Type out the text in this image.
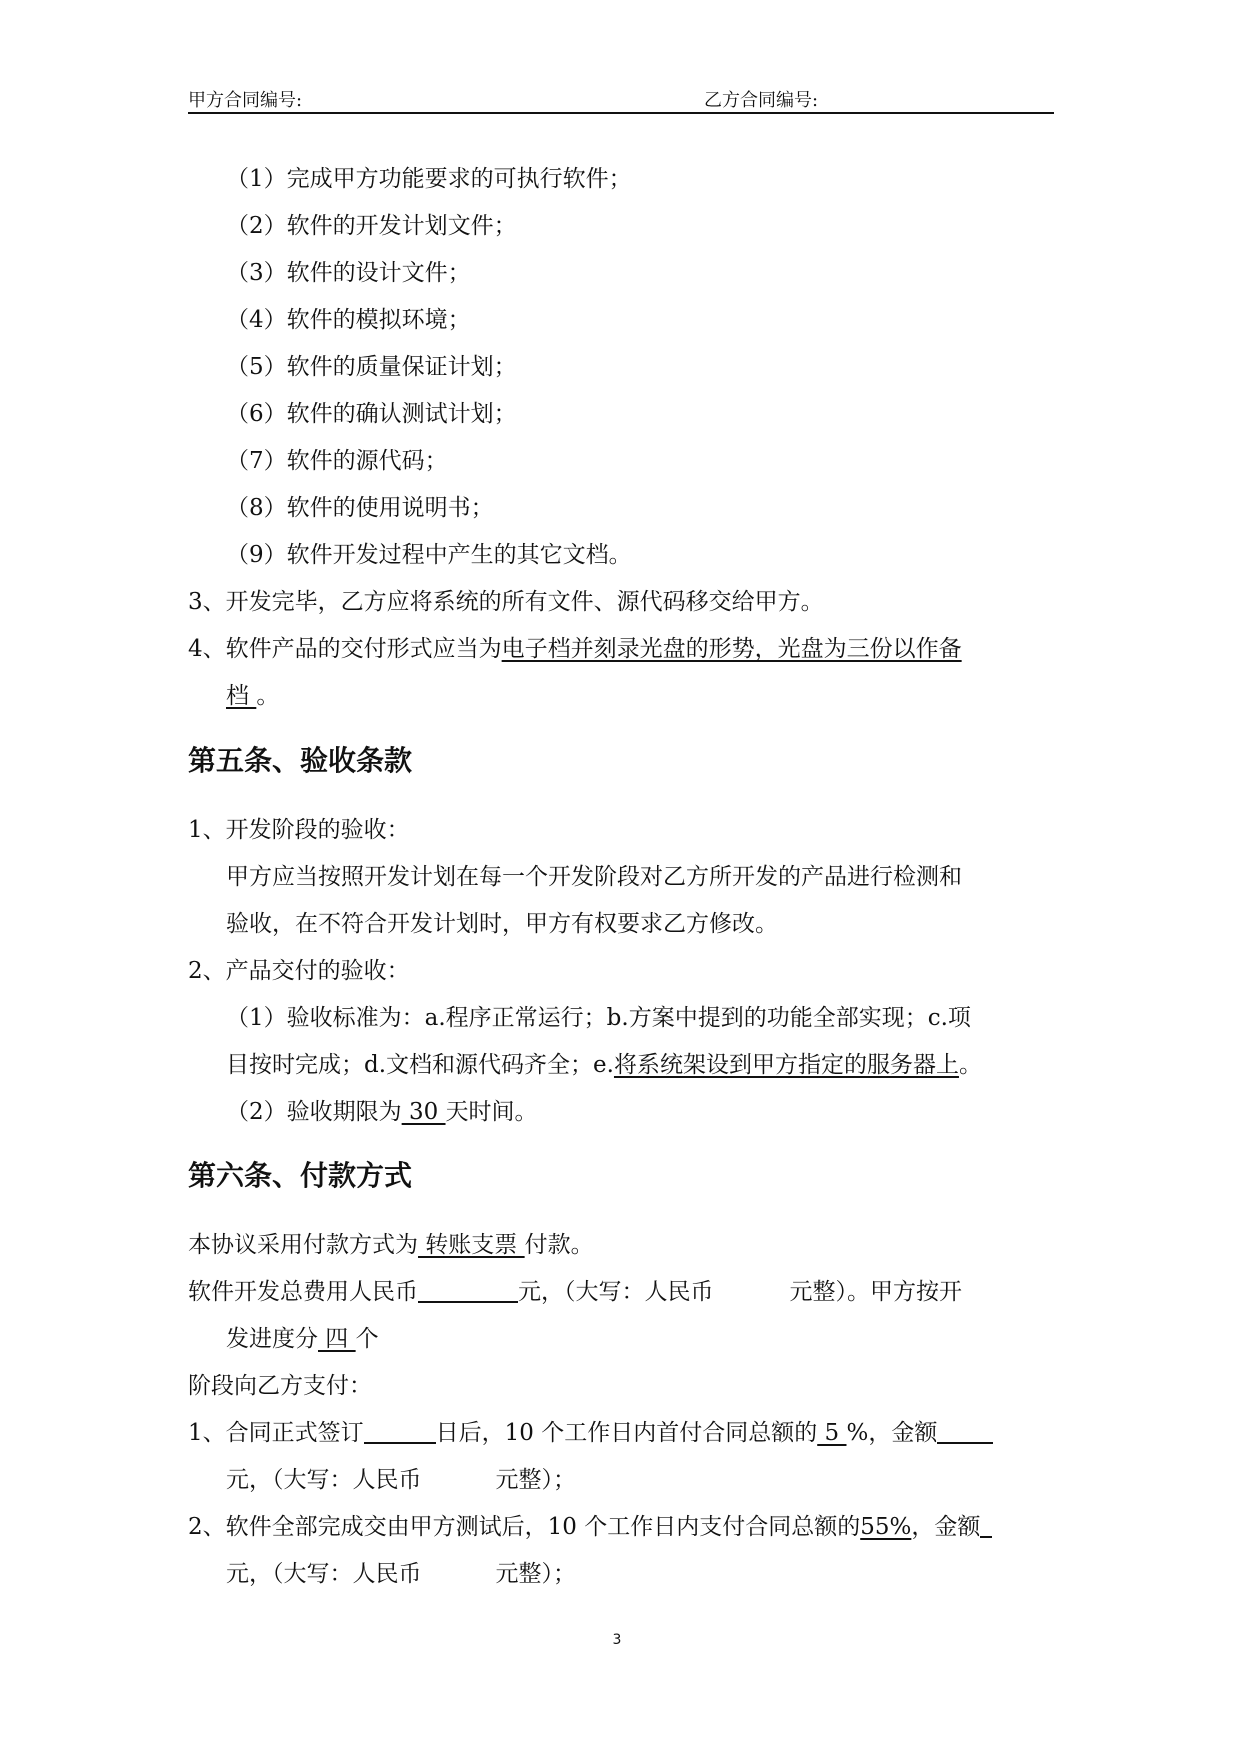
甲方合同编号:	乙方合同编号:
（1）完成甲方功能要求的可执行软件；
（2）软件的开发计划文件；
（3）软件的设计文件；
（4）软件的模拟环境；
（5）软件的质量保证计划；
（6）软件的确认测试计划；
（7）软件的源代码；
（8）软件的使用说明书；
（9）软件开发过程中产生的其它文档。
3、开发完毕，乙方应将系统的所有文件、源代码移交给甲方。
4、软件产品的交付形式应当为电子档并刻录光盘的形势，光盘为三份以作备
档 。
第五条、验收条款
1、开发阶段的验收：
甲方应当按照开发计划在每一个开发阶段对乙方所开发的产品进行检测和
验收，在不符合开发计划时，甲方有权要求乙方修改。
2、产品交付的验收：
（1）验收标准为：a.程序正常运行；b.方案中提到的功能全部实现；c.项
目按时完成；d.文档和源代码齐全；e.将系统架设到甲方指定的服务器上。
（2）验收期限为 30 天时间。
第六条、付款方式
本协议采用付款方式为 转账支票 付款。
软件开发总费用人民币	元，（大写：人民币	元整）。甲方按开
发进度分 四 个
阶段向乙方支付：
1、合同正式签订	日后，10 个工作日内首付合同总额的 5 %，金额
元，（大写：人民币	元整）；
2、软件全部完成交由甲方测试后，10 个工作日内支付合同总额的55%，金额
元，（大写：人民币	元整）；
3
